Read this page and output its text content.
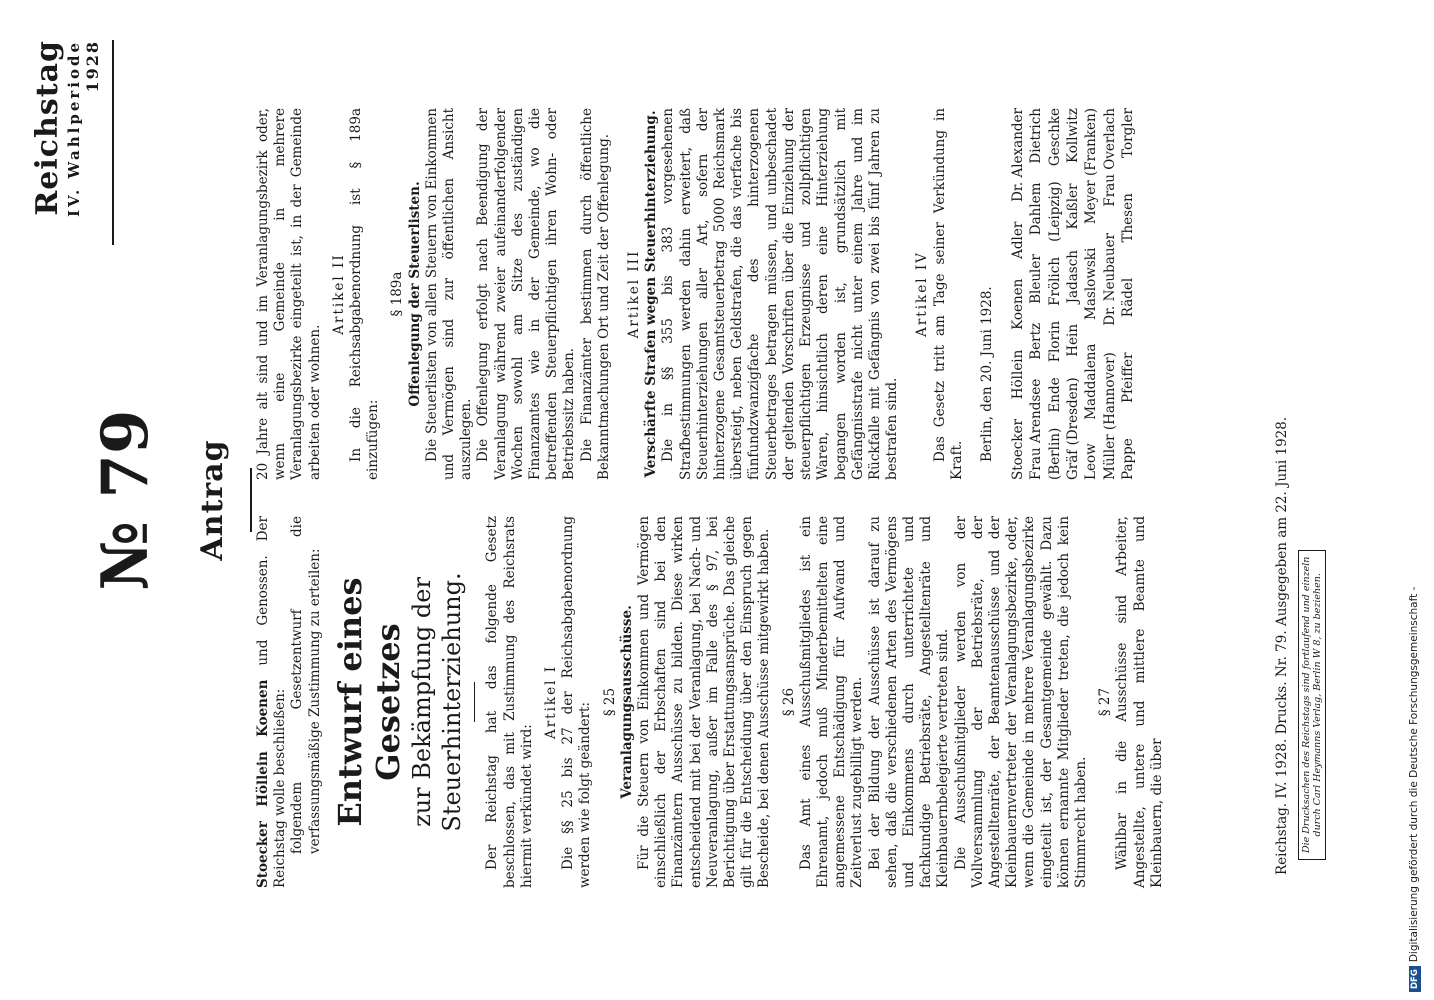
Reichstag IV. Wahlperiode 1928
№ 79 Antrag

Stoecker Höllein Koenen und Genossen. Der Reichstag wolle beschließen: folgendem Gesetzentwurf die verfassungsmäßige Zustimmung zu erteilen: Entwurf eines Gesetzes zur Bekämpfung der Steuerhinterziehung. Der Reichstag hat das folgende Gesetz beschlossen, das mit Zustimmung des Reichsrats hiermit verkündet wird:

Artikel I Die §§ 25 bis 27 der Reichsabgabenordnung werden wie folgt geändert: § 25 Veranlagungsausschüsse. Für die Steuern von Einkommen und Vermögen einschließlich der Erbschaften sind bei den Finanzämtern Ausschüsse zu bilden. Diese wirken entscheidend mit bei der Veranlagung, bei Nach- und Neuveranlagung, außer im Falle des § 97, bei Berichtigung über Erstattungsansprüche. Das gleiche gilt für die Entscheidung über den Einspruch gegen Bescheide, bei denen Ausschüsse mitgewirkt haben. § 26 Das Amt eines Ausschußmitgliedes ist ein Ehrenamt, jedoch muß Minderbemittelten eine angemessene Entschädigung für Aufwand und Zeitverlust zugebilligt werden. Bei der Bildung der Ausschüsse ist darauf zu sehen, daß die verschiedenen Arten des Vermögens und Einkommens durch unterrichtete und fachkundige Betriebsräte, Angestelltenräte und Kleinbauernbelegierte vertreten sind. Die Ausschußmitglieder werden von der Vollversammlung der Betriebsräte, der Angestelltenräte, der Beamtenausschüsse und der Kleinbauernvertreter der Veranlagungsbezirke, oder, wenn die Gemeinde in mehrere Veranlagungsbezirke eingeteilt ist, der Gesamtgemeinde gewählt. Dazu können ernannte Mitglieder treten, die jedoch kein Stimmrecht haben.

§ 27 Wählbar in die Ausschüsse sind Arbeiter, Angestellte, untere und mittlere Beamte und Kleinbauern, die über

20 Jahre alt sind und im Veranlagungsbezirk oder, wenn eine Gemeinde in mehrere Veranlagungsbezirke eingeteilt ist, in der Gemeinde arbeiten oder wohnen.

Artikel II In die Reichsabgabenordnung ist § 189a einzufügen:

§ 189a Offenlegung der Steuerlisten. Die Steuerlisten von allen Steuern von Einkommen und Vermögen sind zur öffentlichen Ansicht auszulegen. Die Offenlegung erfolgt nach Beendigung der Veranlagung während zweier aufeinanderfolgender Wochen sowohl am Sitze des zuständigen Finanzamtes wie in der Gemeinde, wo die betreffenden Steuerpflichtigen ihren Wohn- oder Betriebssitz haben. Die Finanzämter bestimmen durch öffentliche Bekanntmachungen Ort und Zeit der Offenlegung. Artikel III Verschärfte Strafen wegen Steuerhinterziehung. Die in §§ 355 bis 383 vorgesehenen Strafbestimmungen werden dahin erweitert, daß Steuerhinterziehungen aller Art, sofern der hinterzogene Gesamtsteuerbetrag 5000 Reichsmark übersteigt, neben Geldstrafen, die das vierfache bis fünfundzwanzigfache des hinterzogenen Steuerbetrages betragen müssen, und unbeschadet der geltenden Vorschriften über die Einziehung der steuerpflichtigen Erzeugnisse und zollpflichtigen Waren, hinsichtlich deren eine Hinterziehung begangen worden ist, grundsätzlich mit Gefängnisstrafe nicht unter einem Jahre und im Rückfalle mit Gefängnis von zwei bis fünf Jahren zu bestrafen sind.

Artikel IV Das Gesetz tritt am Tage seiner Verkündung in Kraft. Berlin, den 20. Juni 1928. Stoecker
Höllein
Koenen
Adler
Dr. Alexander
Frau Arendsee
Bertz
Bleuler
Dahlem
Dietrich
(Berlin)
Ende
Florin
Frölich
(Leipzig)
Geschke
Gräf (Dresden)
Hein
Jadasch
Kaßler
Kollwitz
Leow
Maddalena
Maslowski
Meyer (Franken)
Müller (Hannover)
Dr. Neubauer
Frau Overlach
Pappe
Pfeiffer
Rädel
Thesen
Torgler
Reichstag. IV. 1928. Drucks. Nr. 79. Ausgegeben am 22. Juni 1928. Die Drucksachen des Reichstags sind fortlaufend und einzeln durch Carl Heymanns Verlag, Berlin W 8, zu beziehen.
DFGDigitalisierung gefördert durch die Deutsche Forschungsgemeinschaft -
